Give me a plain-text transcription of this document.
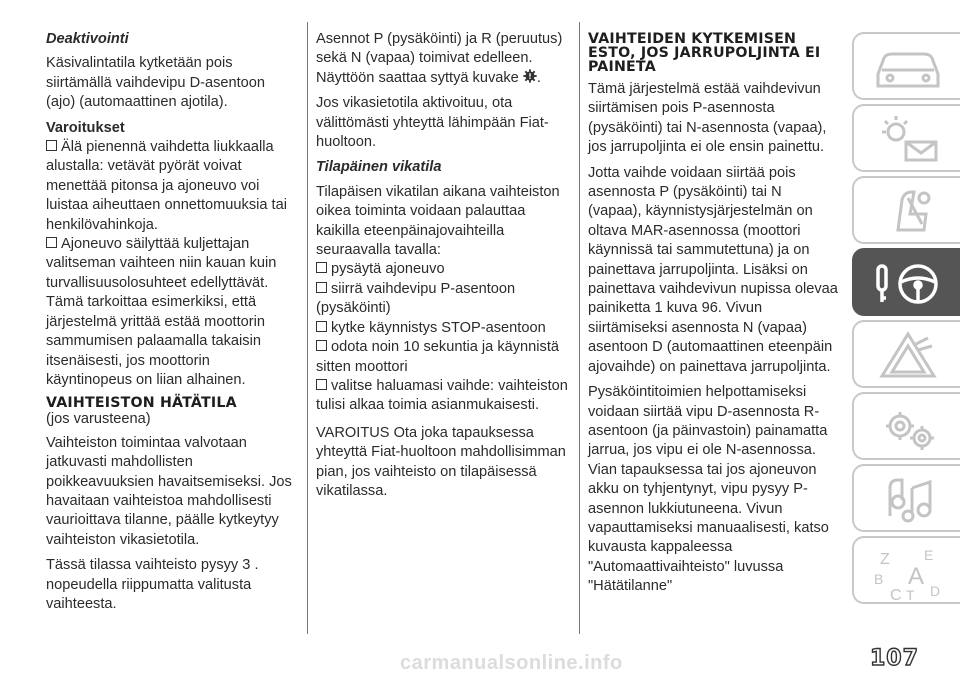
Deaktivointi

Käsivalintatila kytketään pois siirtämällä vaihdevipu D-asentoon (ajo) (automaattinen ajotila).

Varoitukset

Älä pienennä vaihdetta liukkaalla alustalla: vetävät pyörät voivat menettää pitonsa ja ajoneuvo voi luistaa aiheuttaen onnettomuuksia tai henkilövahinkoja.

Ajoneuvo säilyttää kuljettajan valitseman vaihteen niin kauan kuin turvallisuusolosuhteet edellyttävät. Tämä tarkoittaa esimerkiksi, että järjestelmä yrittää estää moottorin sammumisen palaamalla takaisin itsenäisesti, jos moottorin käyntinopeus on liian alhainen.

VAIHTEISTON HÄTÄTILA

(jos varusteena)

Vaihteiston toimintaa valvotaan jatkuvasti mahdollisten poikkeavuuksien havaitsemiseksi. Jos havaitaan vaihteistoa mahdollisesti vaurioittava tilanne, päälle kytkeytyy vaihteiston vikasietotila.

Tässä tilassa vaihteisto pysyy 3 . nopeudella riippumatta valitusta vaihteesta.

Asennot P (pysäköinti) ja R (peruutus) sekä N (vapaa) toimivat edelleen. Näyttöön saattaa syttyä kuvake .

Jos vikasietotila aktivoituu, ota välittömästi yhteyttä lähimpään Fiat-huoltoon.

Tilapäinen vikatila

Tilapäisen vikatilan aikana vaihteiston oikea toiminta voidaan palauttaa kaikilla eteenpäinajovaihteilla seuraavalla tavalla:

pysäytä ajoneuvo

siirrä vaihdevipu P-asentoon (pysäköinti)

kytke käynnistys STOP-asentoon

odota noin 10 sekuntia ja käynnistä sitten moottori

valitse haluamasi vaihde: vaihteiston tulisi alkaa toimia asianmukaisesti.

VAROITUS Ota joka tapauksessa yhteyttä Fiat-huoltoon mahdollisimman pian, jos vaihteisto on tilapäisessä vikatilassa.

VAIHTEIDEN KYTKEMISEN ESTO, JOS JARRUPOLJINTA EI PAINETA

Tämä järjestelmä estää vaihdevivun siirtämisen pois P-asennosta (pysäköinti) tai N-asennosta (vapaa), jos jarrupoljinta ei ole ensin painettu.

Jotta vaihde voidaan siirtää pois asennosta P (pysäköinti) tai N (vapaa), käynnistysjärjestelmän on oltava MAR-asennossa (moottori käynnissä tai sammutettuna) ja on painettava jarrupoljinta. Lisäksi on painettava vaihdevivun nupissa olevaa painiketta 1 kuva 96. Vivun siirtämiseksi asennosta N (vapaa) asentoon D (automaattinen eteenpäin ajovaihde) on painettava jarrupoljinta.

Pysäköintitoimien helpottamiseksi voidaan siirtää vipu D-asennosta R-asentoon (ja päinvastoin) painamatta jarrua, jos vipu ei ole N-asennossa. Vian tapauksessa tai jos ajoneuvon akku on tyhjentynyt, vipu pysyy P-asennon lukkiutuneena. Vivun vapauttamiseksi manuaalisesti, katso kuvausta kappaleessa "Automaattivaihteisto" luvussa "Hätätilanne"

Z E
B A
C T D
carmanualsonline.info	107
